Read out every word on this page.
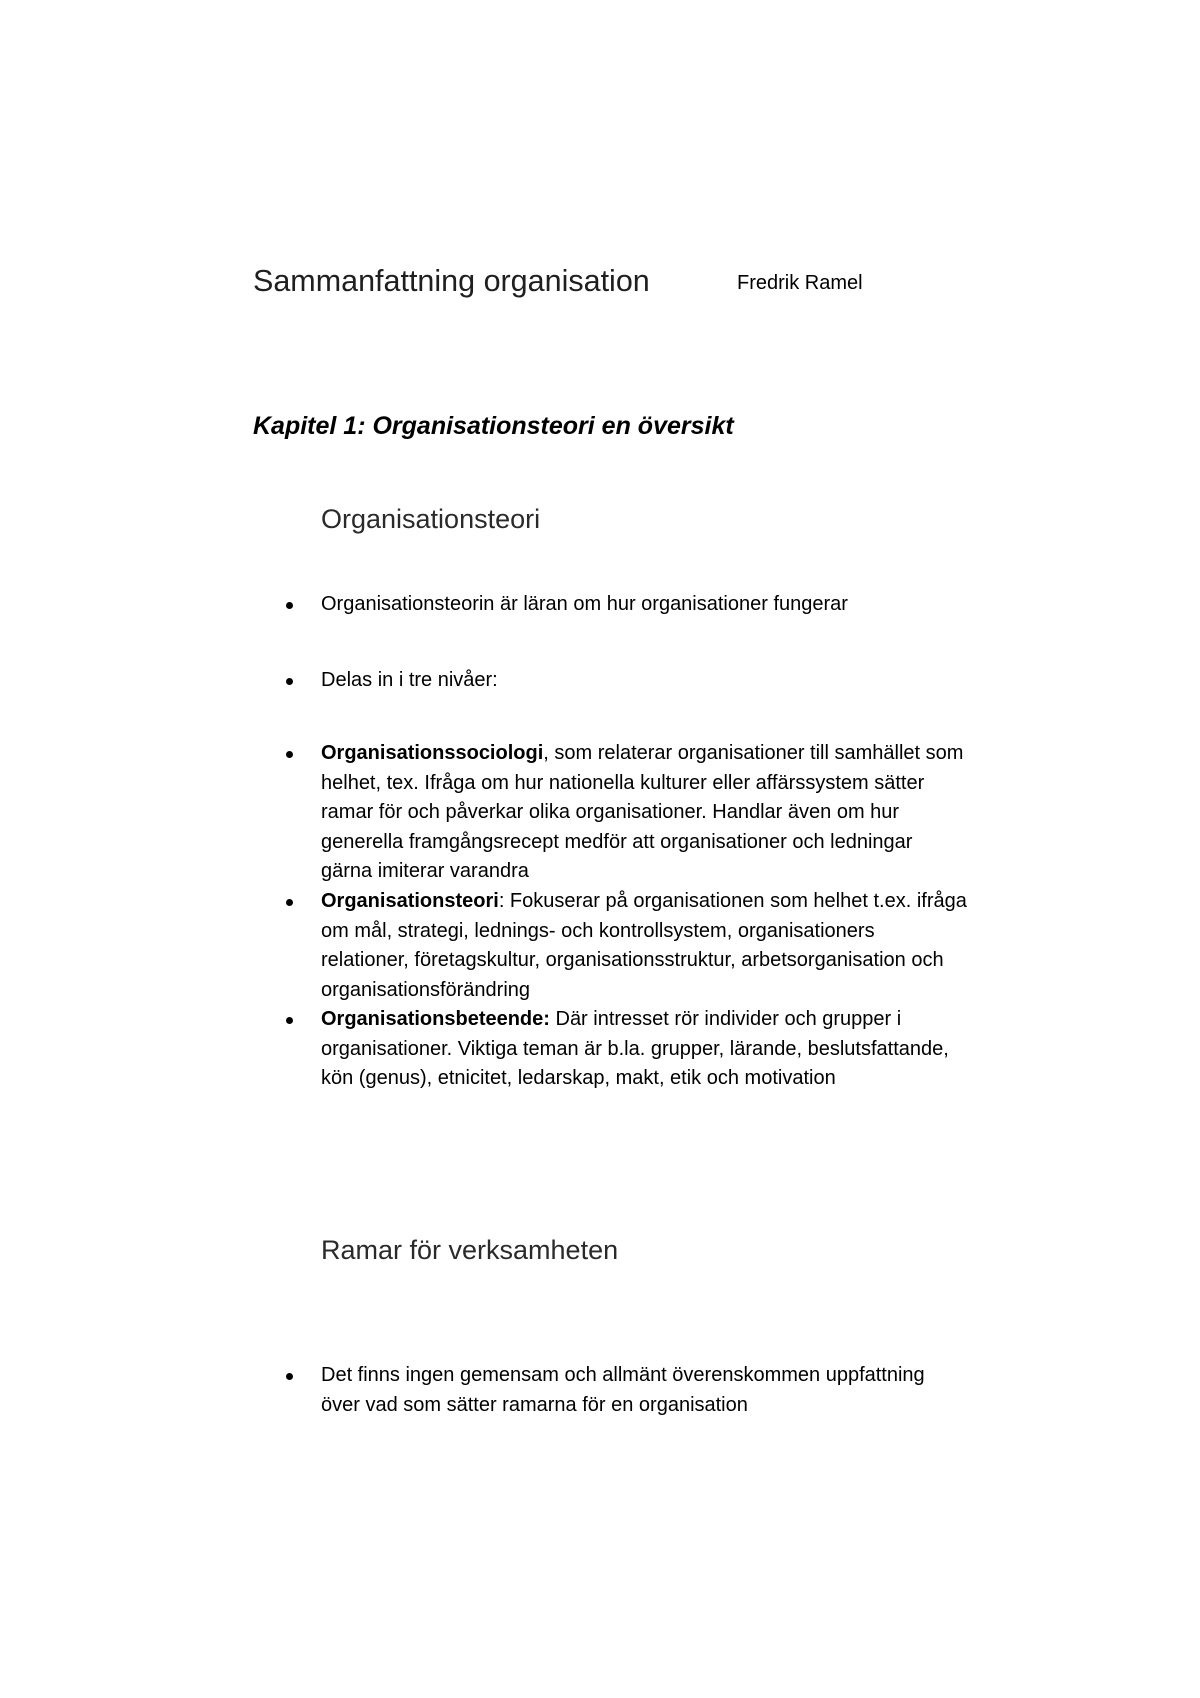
Sammanfattning organisation	Fredrik Ramel
Kapitel 1: Organisationsteori en översikt
Organisationsteori
Organisationsteorin är läran om hur organisationer fungerar
Delas in i tre nivåer:
Organisationssociologi, som relaterar organisationer till samhället som
helhet, tex. Ifråga om hur nationella kulturer eller affärssystem sätter
ramar för och påverkar olika organisationer. Handlar även om hur
generella framgångsrecept medför att organisationer och ledningar
gärna imiterar varandra
Organisationsteori: Fokuserar på organisationen som helhet t.ex. ifråga
om mål, strategi, lednings- och kontrollsystem, organisationers
relationer, företagskultur, organisationsstruktur, arbetsorganisation och
organisationsförändring
Organisationsbeteende: Där intresset rör individer och grupper i
organisationer. Viktiga teman är b.la. grupper, lärande, beslutsfattande,
kön (genus), etnicitet, ledarskap, makt, etik och motivation
Ramar för verksamheten
Det finns ingen gemensam och allmänt överenskommen uppfattning
över vad som sätter ramarna för en organisation
